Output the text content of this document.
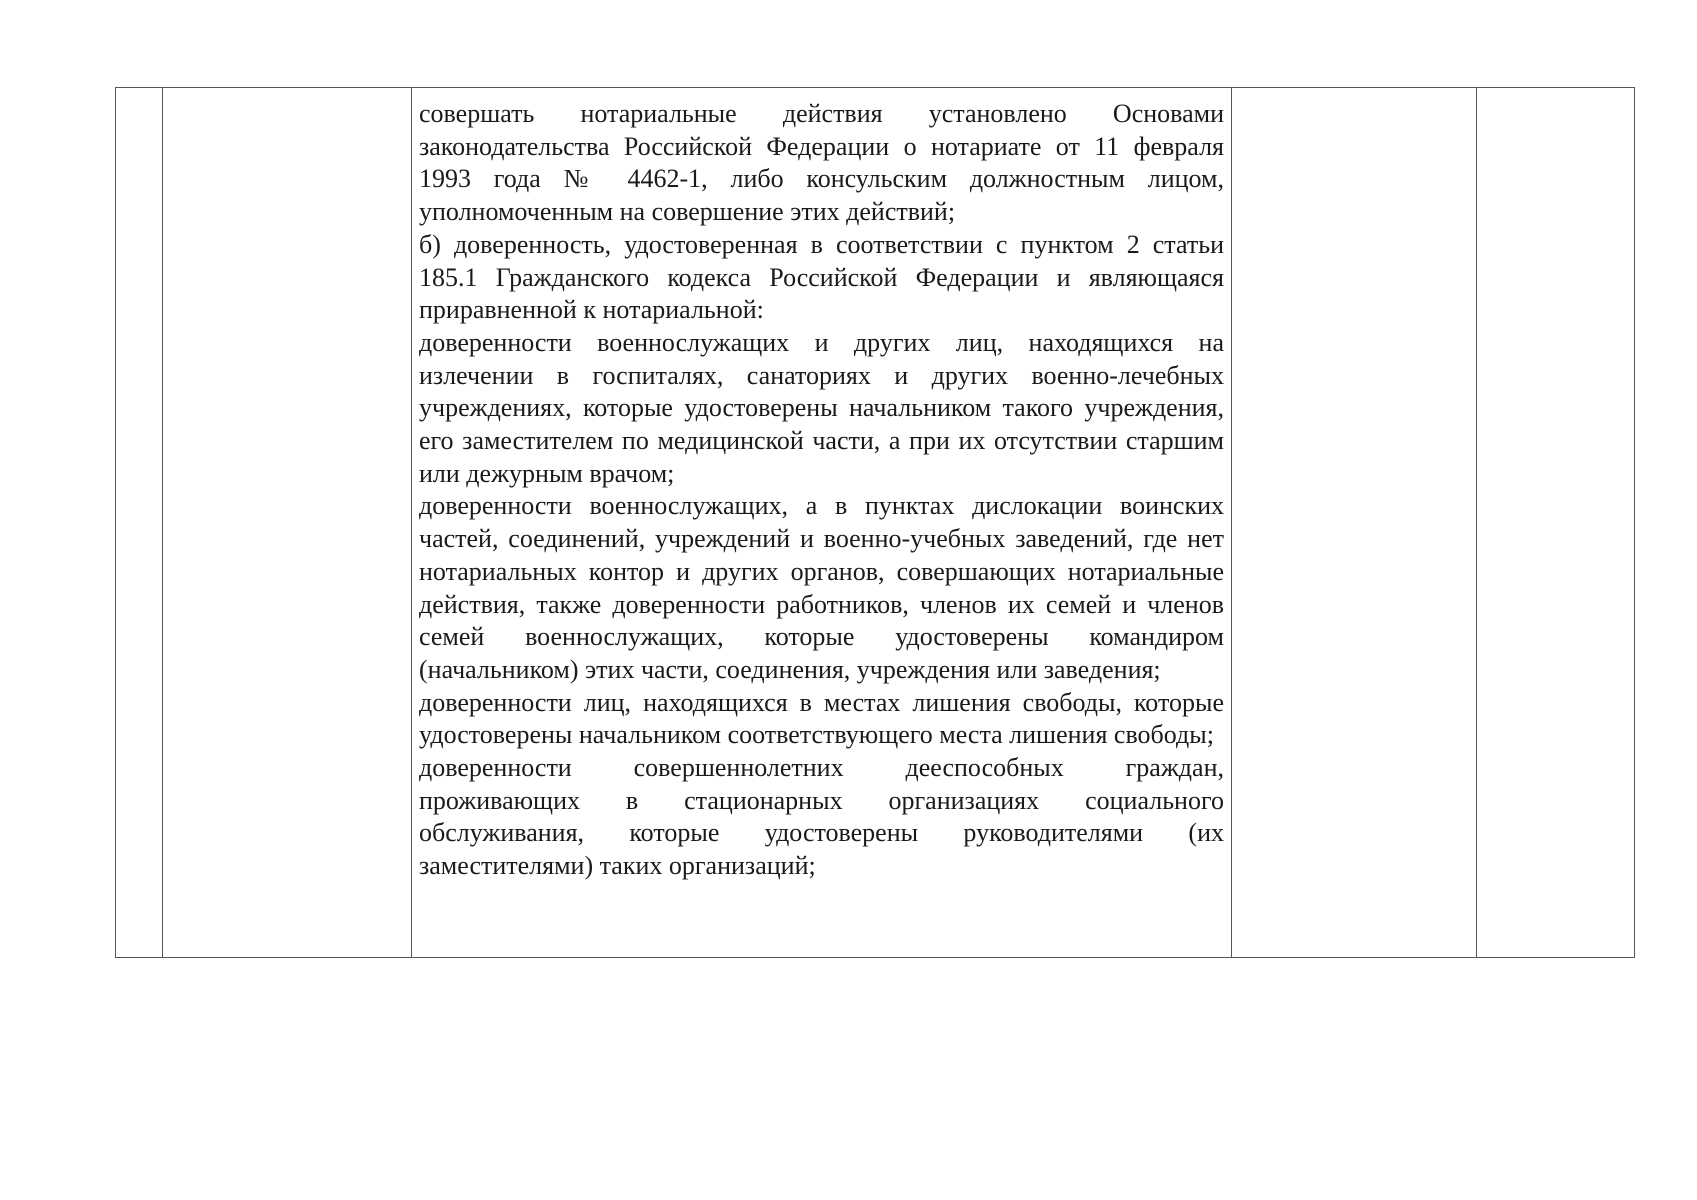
совершать нотариальные действия установлено Основами законодательства Российской Федерации о нотариате от 11 февраля 1993 года № 4462-1, либо консульским должностным лицом, уполномоченным на совершение этих действий;

б) доверенность, удостоверенная в соответствии с пунктом 2 статьи 185.1 Гражданского кодекса Российской Федерации и являющаяся приравненной к нотариальной:

доверенности военнослужащих и других лиц, находящихся на излечении в госпиталях, санаториях и других военно-лечебных учреждениях, которые удостоверены начальником такого учреждения, его заместителем по медицинской части, а при их отсутствии старшим или дежурным врачом;

доверенности военнослужащих, а в пунктах дислокации воинских частей, соединений, учреждений и военно-учебных заведений, где нет нотариальных контор и других органов, совершающих нотариальные действия, также доверенности работников, членов их семей и членов семей военнослужащих, которые удостоверены командиром (начальником) этих части, соединения, учреждения или заведения;

доверенности лиц, находящихся в местах лишения свободы, которые удостоверены начальником соответствующего места лишения свободы;

доверенности совершеннолетних дееспособных граждан, проживающих в стационарных организациях социального обслуживания, которые удостоверены руководителями (их заместителями) таких организаций;
